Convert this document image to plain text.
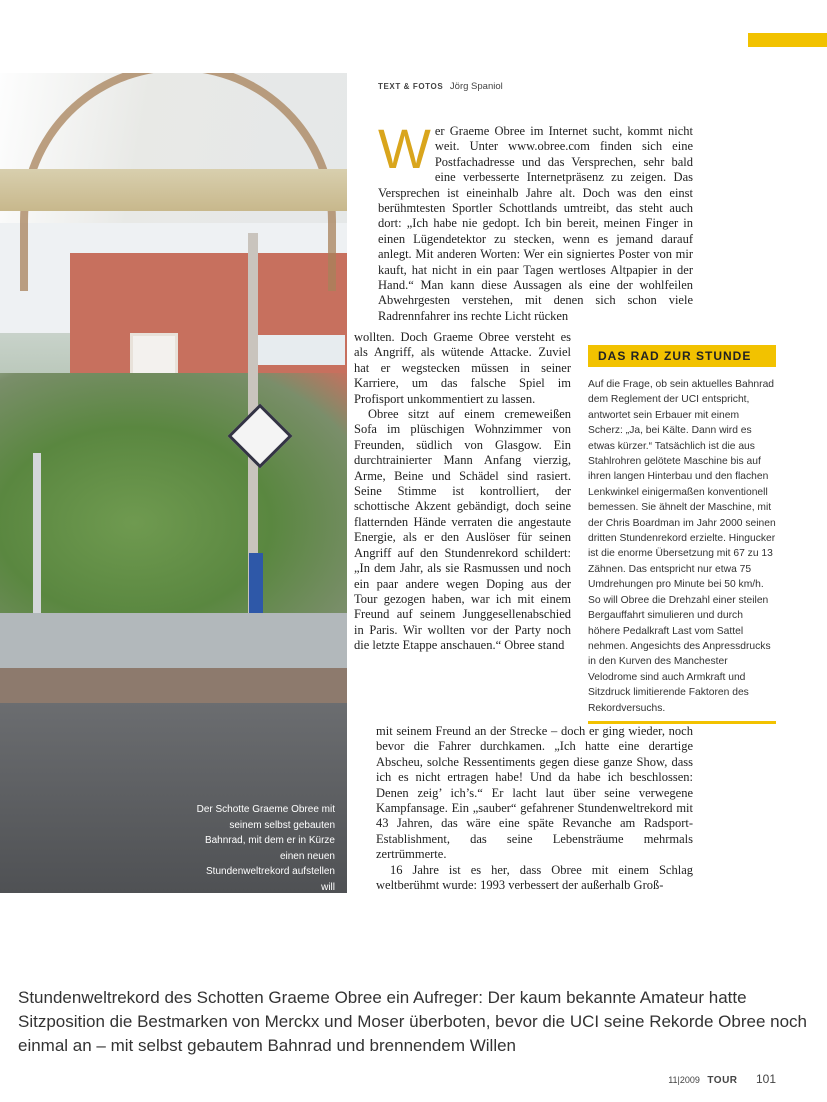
Der Schotte Graeme Obree mit seinem selbst gebauten Bahnrad, mit dem er in Kürze einen neuen Stundenweltrekord aufstellen will
TEXT & FOTOS Jörg Spaniol
W er Graeme Obree im Internet sucht, kommt nicht weit. Unter www.obree.com finden sich eine Postfachadresse und das Versprechen, sehr bald eine verbesserte Internetpräsenz zu zeigen. Das Versprechen ist eineinhalb Jahre alt. Doch was den einst berühmtesten Sportler Schottlands umtreibt, das steht auch dort: „Ich habe nie gedopt. Ich bin bereit, meinen Finger in einen Lügendetektor zu stecken, wenn es jemand darauf anlegt. Mit anderen Worten: Wer ein signiertes Poster von mir kauft, hat nicht in ein paar Tagen wertloses Altpapier in der Hand.“ Man kann diese Aussagen als eine der wohlfeilen Abwehrgesten verstehen, mit denen sich schon viele Radrennfahrer ins rechte Licht rücken

wollten. Doch Graeme Obree versteht es als Angriff, als wütende Attacke. Zuviel hat er wegstecken müssen in seiner Karriere, um das falsche Spiel im Profisport unkommentiert zu lassen.

Obree sitzt auf einem cremeweißen Sofa im plüschigen Wohnzimmer von Freunden, südlich von Glasgow. Ein durchtrainierter Mann Anfang vierzig, Arme, Beine und Schädel sind rasiert. Seine Stimme ist kontrolliert, der schottische Akzent gebändigt, doch seine flatternden Hände verraten die angestaute Energie, als er den Auslöser für seinen Angriff auf den Stundenrekord schildert: „In dem Jahr, als sie Rasmussen und noch ein paar andere wegen Doping aus der Tour gezogen haben, war ich mit einem Freund auf seinem Junggesellenabschied in Paris. Wir wollten vor der Party noch die letzte Etappe anschauen.“ Obree stand

DAS RAD ZUR STUNDE
Auf die Frage, ob sein aktuelles Bahnrad dem Reglement der UCI entspricht, antwortet sein Erbauer mit einem Scherz: „Ja, bei Kälte. Dann wird es etwas kürzer.“ Tatsächlich ist die aus Stahlrohren gelötete Maschine bis auf ihren langen Hinterbau und den flachen Lenkwinkel einigermaßen konventionell bemessen. Sie ähnelt der Maschine, mit der Chris Boardman im Jahr 2000 seinen dritten Stundenrekord erzielte. Hingucker ist die enorme Übersetzung mit 67 zu 13 Zähnen. Das entspricht nur etwa 75 Umdrehungen pro Minute bei 50 km/h. So will Obree die Drehzahl einer steilen Bergauffahrt simulieren und durch höhere Pedalkraft Last vom Sattel nehmen. Angesichts des Anpressdrucks in den Kurven des Manchester Velodrome sind auch Armkraft und Sitzdruck limitierende Faktoren des Rekordversuchs.

mit seinem Freund an der Strecke – doch er ging wieder, noch bevor die Fahrer durchkamen. „Ich hatte eine derartige Abscheu, solche Ressentiments gegen diese ganze Show, dass ich es nicht ertragen habe! Und da habe ich beschlossen: Denen zeig’ ich’s.“ Er lacht laut über seine verwegene Kampfansage. Ein „sauber“ gefahrener Stundenweltrekord mit 43 Jahren, das wäre eine späte Revanche am Radsport-Establishment, das seine Lebensträume mehrmals zertrümmerte.

16 Jahre ist es her, dass Obree mit einem Schlag weltberühmt wurde: 1993 verbessert der außerhalb Groß-

Stundenweltrekord des Schotten Graeme Obree ein Aufreger: Der kaum bekannte Amateur hatte Sitzposition die Bestmarken von Merckx und Moser überboten, bevor die UCI seine Rekorde Obree noch einmal an – mit selbst gebautem Bahnrad und brennendem Willen
11|2009 TOUR 101
